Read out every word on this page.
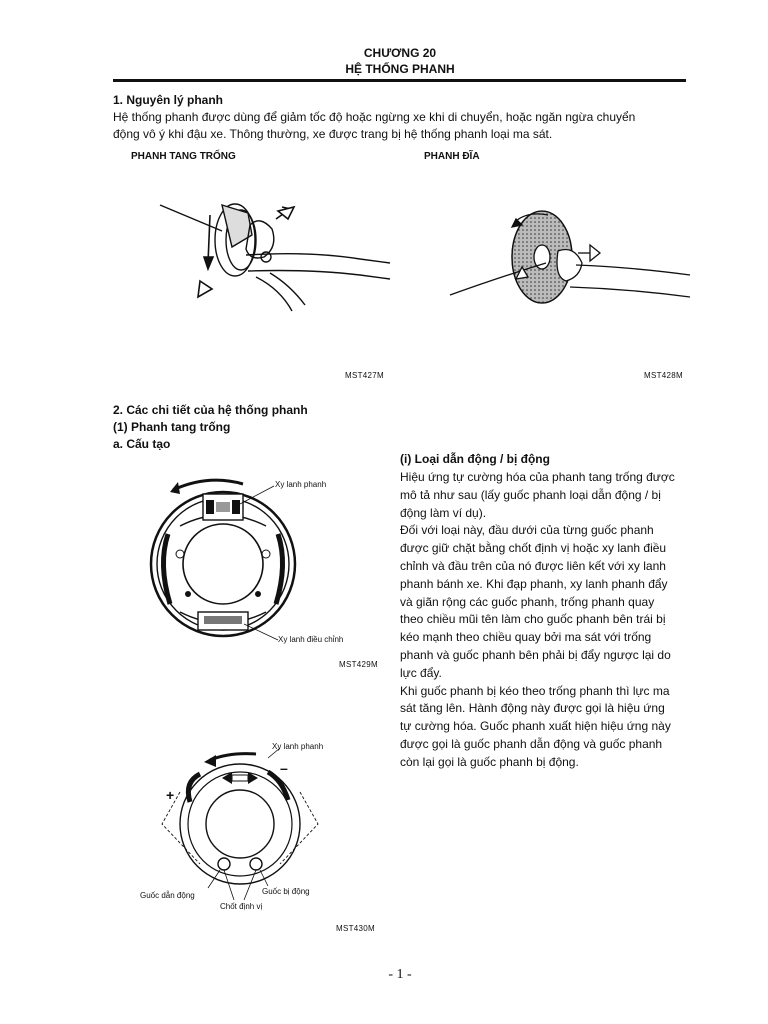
CHƯƠNG 20
HỆ THỐNG PHANH
1. Nguyên lý phanh
Hệ thống phanh được dùng để giảm tốc độ hoặc ngừng xe khi di chuyển, hoặc ngăn ngừa chuyển
động vô ý khi đậu xe. Thông thường, xe được trang bị hệ thống phanh loại ma sát.
PHANH TANG TRỐNG	PHANH ĐĨA
MST427M	MST428M
2. Các chi tiết của hệ thống phanh
(1) Phanh tang trống
a. Cấu tạo
Xy lanh phanh
Xy lanh điều chỉnh
MST429M
(i) Loại dẫn động / bị động
Hiệu ứng tự cường hóa của phanh tang trống được
mô tả như sau (lấy guốc phanh loại dẫn động / bị
động làm ví dụ).
Đối với loại này, đầu dưới của từng guốc phanh
được giữ chặt bằng chốt định vị hoặc xy lanh điều
chỉnh và đầu trên của nó được liên kết với xy lanh
phanh bánh xe. Khi đạp phanh, xy lanh phanh đẩy
và giãn rộng các guốc phanh, trống phanh quay
theo chiều mũi tên làm cho guốc phanh bên trái bị
kéo mạnh theo chiều quay bởi ma sát với trống
phanh và guốc phanh bên phải bị đẩy ngược lại do
lực đẩy.
Khi guốc phanh bị kéo theo trống phanh thì lực ma
sát tăng lên. Hành động này được gọi là hiệu ứng
tự cường hóa. Guốc phanh xuất hiện hiệu ứng này
được gọi là guốc phanh dẫn động và guốc phanh
còn lại gọi là guốc phanh bị động.
Xy lanh phanh
+
–
Guốc dẫn động	Guốc bị động
Chốt định vị
MST430M
- 1 -
